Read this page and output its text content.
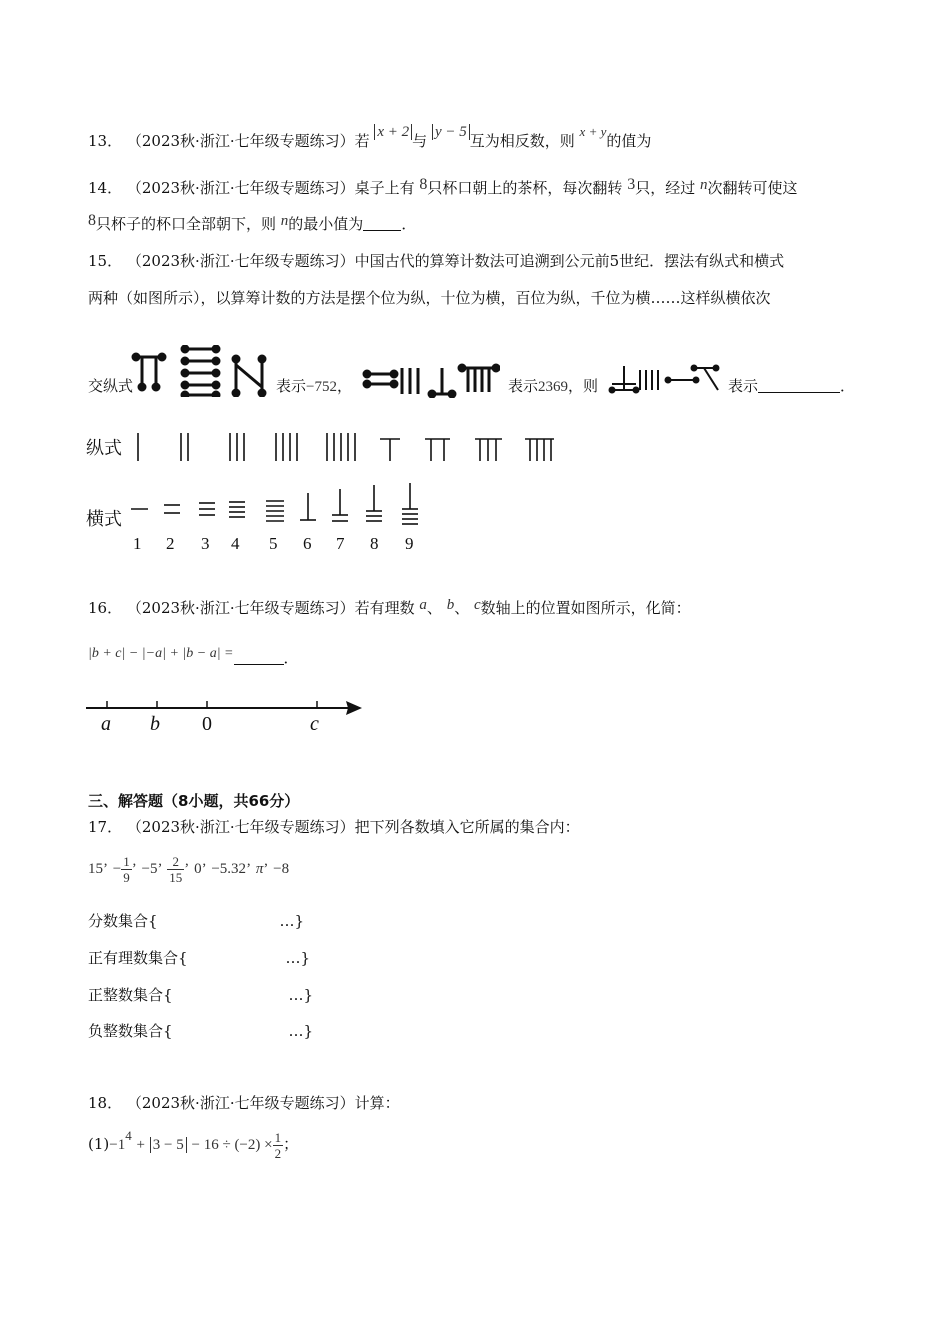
13． （2023秋·浙江·七年级专题练习）若 x + 2 与 y − 5 互为相反数，则 x + y的值为
14． （2023秋·浙江·七年级专题练习）桌子上有 8只杯口朝上的茶杯，每次翻转 3只，经过 n次翻转可使这
8只杯子的杯口全部朝下，则 n的最小值为	．
15． （2023秋·浙江·七年级专题练习）中国古代的算筹计数法可追溯到公元前5世纪．摆法有纵式和横式
两种（如图所示），以算筹计数的方法是摆个位为纵，十位为横，百位为纵，千位为横……这样纵横依次
交纵式	表示−752，	表示2369，则	表示	．
纵式
横式
1 2 3 4 5 6 7 8 9
16． （2023秋·浙江·七年级专题练习）若有理数 a、 b、 c数轴上的位置如图所示，化简：
|b + c| − |−a| + |b − a| =	．
a b 0	c
三、解答题（8小题，共66分）
17． （2023秋·浙江·七年级专题练习）把下列各数填入它所属的集合内：
15’ − $\frac{1}{9}$ ’ −5’ $\frac{2}{15}$ ’ 0’ −5.32’ π’ −8
分数集合{	…}
正有理数集合{	…}
正整数集合{	…}
负整数集合{	…}
18． （2023秋·浙江·七年级专题练习）计算：
$(1)-14 + 3 - 5 - 16 \div (-2) \times \frac{1}{2}$ ；
